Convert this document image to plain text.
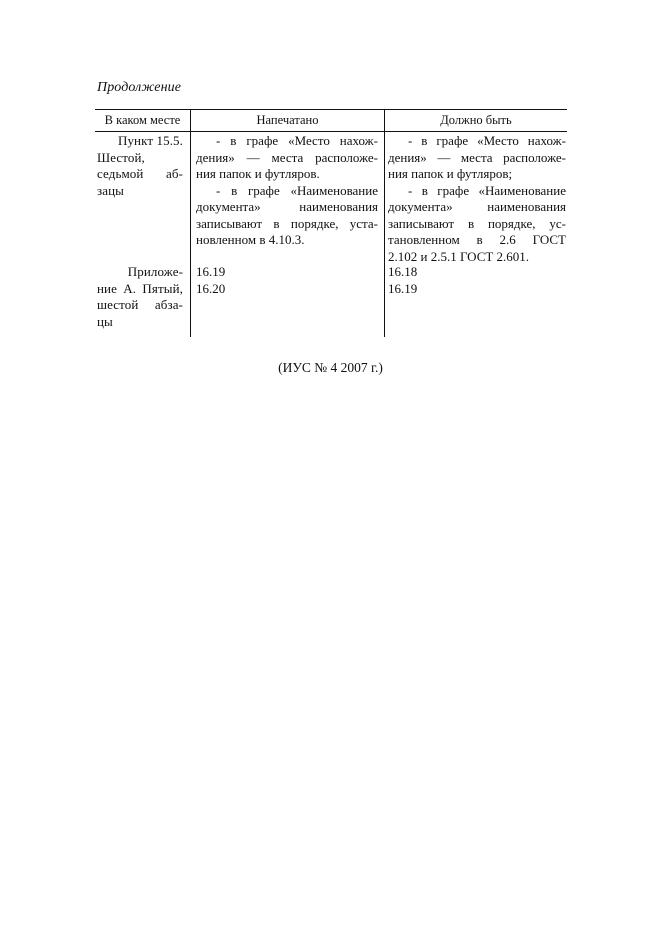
Продолжение
В каком месте	Напечатано	Должно быть
Пункт 15.5.
Шестой,
седьмой аб-
зацы
- в графе «Место нахож-
дения» — места расположе-
ния папок и футляров.
- в графе «Наименование
документа» наименования
записывают в порядке, уста-
новленном в 4.10.3.
- в графе «Место нахож-
дения» — места расположе-
ния папок и футляров;
- в графе «Наименование
документа» наименования
записывают в порядке, ус-
тановленном в 2.6 ГОСТ
2.102 и 2.5.1 ГОСТ 2.601.
Приложе-
ние А. Пятый,
шестой абза-
цы
16.19
16.20
16.18
16.19
(ИУС № 4 2007 г.)
